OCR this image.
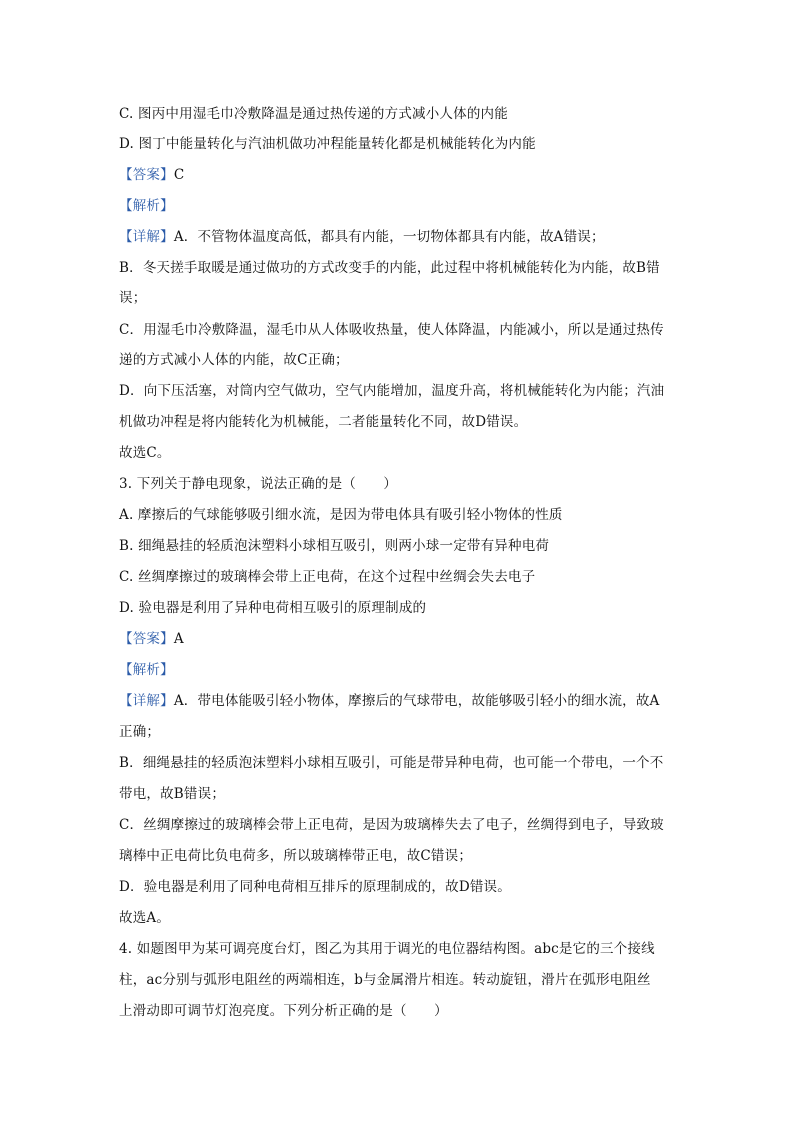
C. 图丙中用湿毛巾冷敷降温是通过热传递的方式减小人体的内能
D. 图丁中能量转化与汽油机做功冲程能量转化都是机械能转化为内能
【答案】C
【解析】
【详解】A．不管物体温度高低，都具有内能，一切物体都具有内能，故A错误；
B．冬天搓手取暖是通过做功的方式改变手的内能，此过程中将机械能转化为内能，故B错
误；
C．用湿毛巾冷敷降温，湿毛巾从人体吸收热量，使人体降温，内能减小，所以是通过热传
递的方式减小人体的内能，故C正确；
D．向下压活塞，对筒内空气做功，空气内能增加，温度升高，将机械能转化为内能；汽油
机做功冲程是将内能转化为机械能，二者能量转化不同，故D错误。
故选C。
3. 下列关于静电现象，说法正确的是（　　）
A. 摩擦后的气球能够吸引细水流，是因为带电体具有吸引轻小物体的性质
B. 细绳悬挂的轻质泡沫塑料小球相互吸引，则两小球一定带有异种电荷
C. 丝绸摩擦过的玻璃棒会带上正电荷，在这个过程中丝绸会失去电子
D. 验电器是利用了异种电荷相互吸引的原理制成的
【答案】A
【解析】
【详解】A．带电体能吸引轻小物体，摩擦后的气球带电，故能够吸引轻小的细水流，故A
正确；
B．细绳悬挂的轻质泡沫塑料小球相互吸引，可能是带异种电荷，也可能一个带电，一个不
带电，故B错误；
C．丝绸摩擦过的玻璃棒会带上正电荷，是因为玻璃棒失去了电子，丝绸得到电子，导致玻
璃棒中正电荷比负电荷多，所以玻璃棒带正电，故C错误；
D．验电器是利用了同种电荷相互排斥的原理制成的，故D错误。
故选A。
4. 如题图甲为某可调亮度台灯，图乙为其用于调光的电位器结构图。abc是它的三个接线
柱，ac分别与弧形电阻丝的两端相连，b与金属滑片相连。转动旋钮，滑片在弧形电阻丝
上滑动即可调节灯泡亮度。下列分析正确的是（　　）
